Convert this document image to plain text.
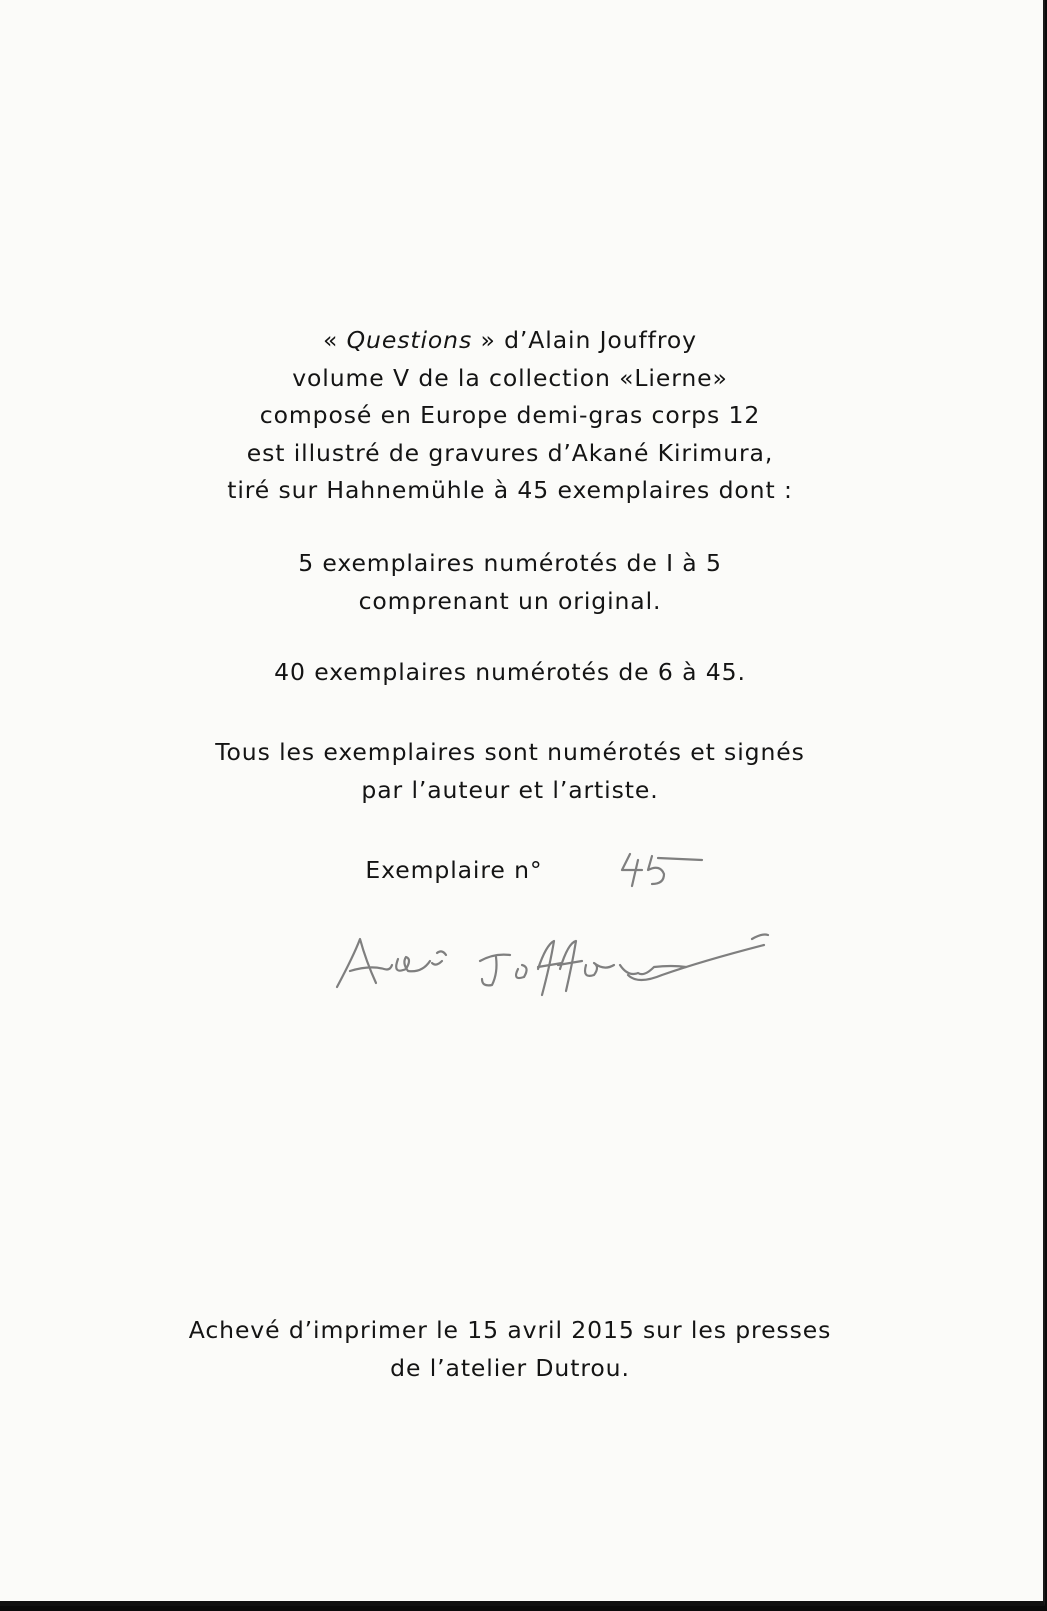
« Questions » d’Alain Jouffroy
volume V de la collection «Lierne»
composé en Europe demi-gras corps 12
est illustré de gravures d’Akané Kirimura,
tiré sur Hahnemühle à 45 exemplaires dont :
5 exemplaires numérotés de I à 5
comprenant un original.
40 exemplaires numérotés de 6 à 45.
Tous les exemplaires sont numérotés et signés
par l’auteur et l’artiste.
Exemplaire n°
Achevé d’imprimer le 15 avril 2015 sur les presses
de l’atelier Dutrou.
